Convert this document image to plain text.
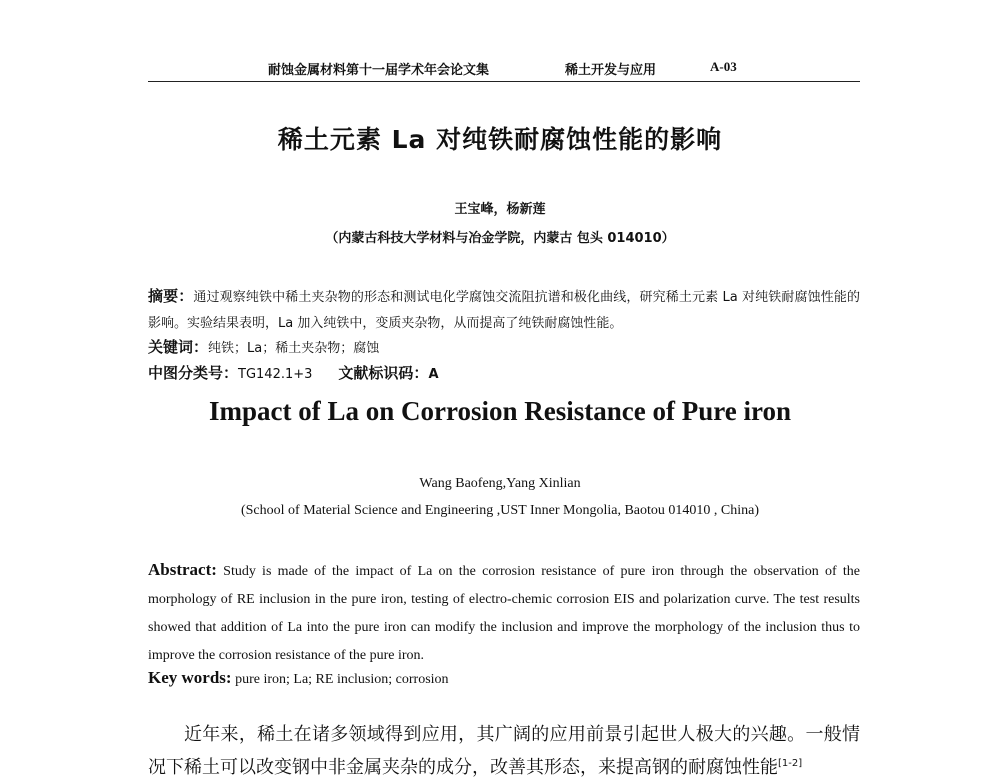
耐蚀金属材料第十一届学术年会论文集	稀土开发与应用	A-03
稀土元素 La 对纯铁耐腐蚀性能的影响
王宝峰，杨新莲
（内蒙古科技大学材料与冶金学院，内蒙古 包头 014010）
摘要：通过观察纯铁中稀土夹杂物的形态和测试电化学腐蚀交流阻抗谱和极化曲线，研究稀土元素 La 对纯铁耐腐蚀性能的影响。实验结果表明，La 加入纯铁中，变质夹杂物，从而提高了纯铁耐腐蚀性能。
关键词：纯铁；La；稀土夹杂物；腐蚀
中图分类号：TG142.1+3 文献标识码：A
Impact of La on Corrosion Resistance of Pure iron
Wang Baofeng,Yang Xinlian
(School of Material Science and Engineering ,UST Inner Mongolia, Baotou 014010 , China)
Abstract: Study is made of the impact of La on the corrosion resistance of pure iron through the observation of the morphology of RE inclusion in the pure iron, testing of electro-chemic corrosion EIS and polarization curve. The test results showed that addition of La into the pure iron can modify the inclusion and improve the morphology of the inclusion thus to improve the corrosion resistance of the pure iron.
Key words: pure iron; La; RE inclusion; corrosion
近年来，稀土在诸多领域得到应用，其广阔的应用前景引起世人极大的兴趣。一般情况下稀土可以改变钢中非金属夹杂的成分，改善其形态，来提高钢的耐腐蚀性能[1-2]
